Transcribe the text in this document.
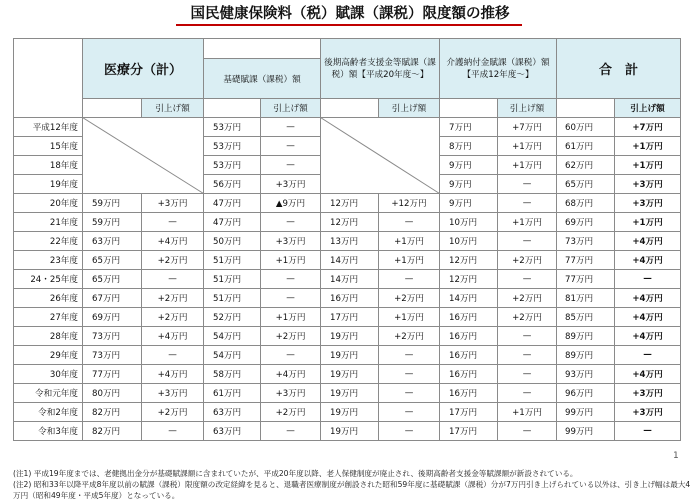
国民健康保険料（税）賦課（課税）限度額の推移
	医療分（計）				後期高齢者支援金等賦課（課税）額【平成20年度〜】		介護納付金賦課（課税）額【平成12年度〜】		合　計	
			基礎賦課（課税）額							

		引上げ額		引上げ額		引上げ額		引上げ額		引上げ額
平成12年度			53万円	—			7万円	+7万円	60万円	+7万円
15年度			53万円	—			8万円	+1万円	61万円	+1万円
18年度			53万円	—			9万円	+1万円	62万円	+1万円
19年度			56万円	+3万円			9万円	—	65万円	+3万円
20年度	59万円	+3万円	47万円	▲9万円	12万円	+12万円	9万円	—	68万円	+3万円
21年度	59万円	—	47万円	—	12万円	—	10万円	+1万円	69万円	+1万円
22年度	63万円	+4万円	50万円	+3万円	13万円	+1万円	10万円	—	73万円	+4万円
23年度	65万円	+2万円	51万円	+1万円	14万円	+1万円	12万円	+2万円	77万円	+4万円
24・25年度	65万円	—	51万円	—	14万円	—	12万円	—	77万円	—
26年度	67万円	+2万円	51万円	—	16万円	+2万円	14万円	+2万円	81万円	+4万円
27年度	69万円	+2万円	52万円	+1万円	17万円	+1万円	16万円	+2万円	85万円	+4万円
28年度	73万円	+4万円	54万円	+2万円	19万円	+2万円	16万円	—	89万円	+4万円
29年度	73万円	—	54万円	—	19万円	—	16万円	—	89万円	—
30年度	77万円	+4万円	58万円	+4万円	19万円	—	16万円	—	93万円	+4万円
令和元年度	80万円	+3万円	61万円	+3万円	19万円	—	16万円	—	96万円	+3万円
令和2年度	82万円	+2万円	63万円	+2万円	19万円	—	17万円	+1万円	99万円	+3万円
令和3年度	82万円	—	63万円	—	19万円	—	17万円	—	99万円	—
1
(注1) 平成19年度までは、老健拠出金分が基礎賦課額に含まれていたが、平成20年度以降、老人保健制度が廃止され、後期高齢者支援金等賦課額が新設されている。
(注2) 昭和33年以降平成8年度以前の賦課（課税）限度額の改定経緯を見ると、退職者医療制度が創設された昭和59年度に基礎賦課（課税）分が7万円引き上げられている以外は、引き上げ幅は最大4万円（昭和49年度・平成5年度）となっている。
